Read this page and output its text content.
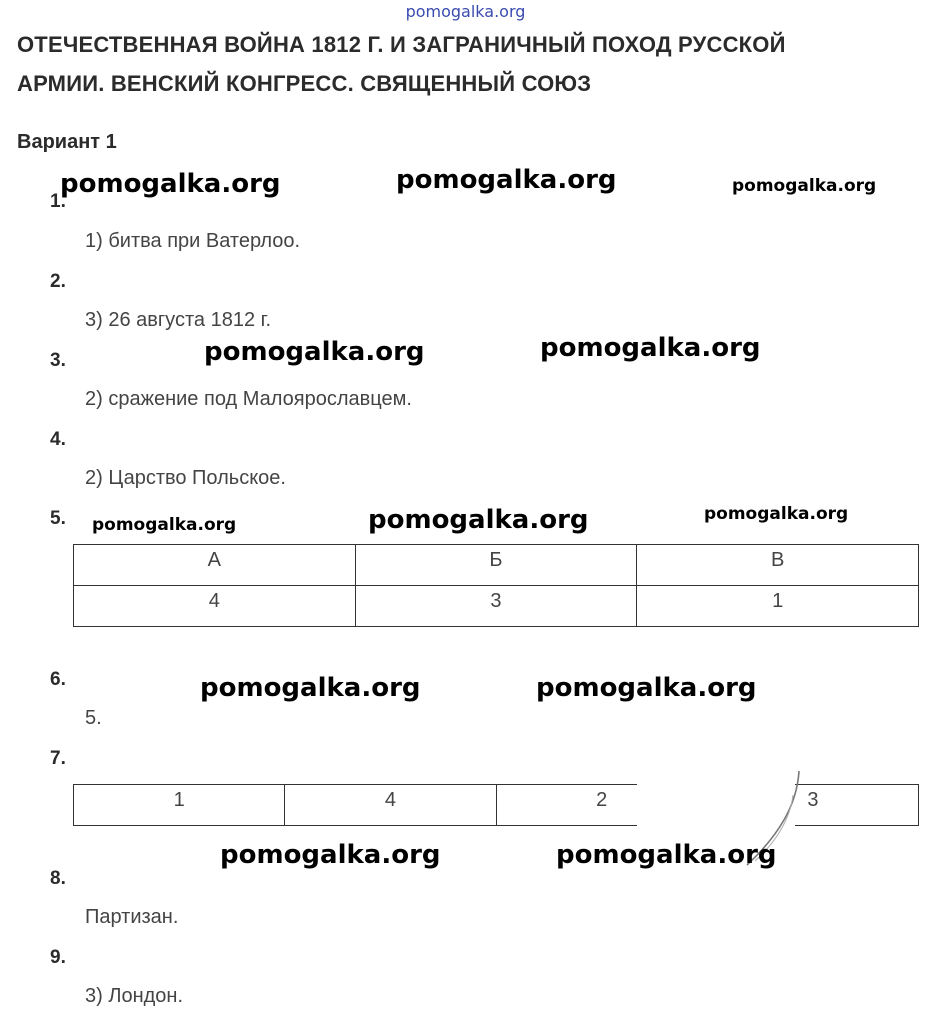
pomogalka.org
ОТЕЧЕСТВЕННАЯ ВОЙНА 1812 Г. И ЗАГРАНИЧНЫЙ ПОХОД РУССКОЙ
АРМИИ. ВЕНСКИЙ КОНГРЕСС. СВЯЩЕННЫЙ СОЮЗ
Вариант 1
1.
1) битва при Ватерлоо.
2.
3) 26 августа 1812 г.
3.
2) сражение под Малоярославцем.
4.
2) Царство Польское.
5.
А	Б	В
4	3	1
6.
5.
7.
1	4	2	3
8.
Партизан.
9.
3) Лондон.
pomogalka.org	pomogalka.org	pomogalka.org
pomogalka.org	pomogalka.org
pomogalka.org	pomogalka.org	pomogalka.org
pomogalka.org	pomogalka.org
pomogalka.org	pomogalka.org
